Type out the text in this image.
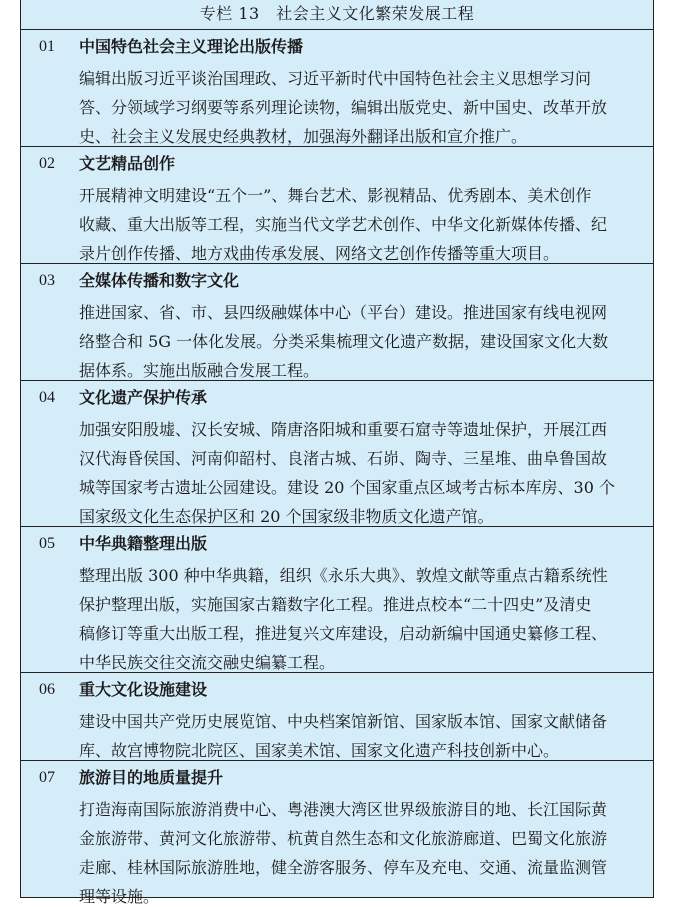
专栏 13　社会主义文化繁荣发展工程
01 中国特色社会主义理论出版传播
编辑出版习近平谈治国理政、习近平新时代中国特色社会主义思想学习问
答、分领域学习纲要等系列理论读物，编辑出版党史、新中国史、改革开放
史、社会主义发展史经典教材，加强海外翻译出版和宣介推广。
02 文艺精品创作
开展精神文明建设“五个一”、舞台艺术、影视精品、优秀剧本、美术创作
收藏、重大出版等工程，实施当代文学艺术创作、中华文化新媒体传播、纪
录片创作传播、地方戏曲传承发展、网络文艺创作传播等重大项目。
03 全媒体传播和数字文化
推进国家、省、市、县四级融媒体中心（平台）建设。推进国家有线电视网
络整合和 5G 一体化发展。分类采集梳理文化遗产数据，建设国家文化大数
据体系。实施出版融合发展工程。
04 文化遗产保护传承
加强安阳殷墟、汉长安城、隋唐洛阳城和重要石窟寺等遗址保护，开展江西
汉代海昏侯国、河南仰韶村、良渚古城、石峁、陶寺、三星堆、曲阜鲁国故
城等国家考古遗址公园建设。建设 20 个国家重点区域考古标本库房、30 个
国家级文化生态保护区和 20 个国家级非物质文化遗产馆。
05 中华典籍整理出版
整理出版 300 种中华典籍，组织《永乐大典》、敦煌文献等重点古籍系统性
保护整理出版，实施国家古籍数字化工程。推进点校本“二十四史”及清史
稿修订等重大出版工程，推进复兴文库建设，启动新编中国通史纂修工程、
中华民族交往交流交融史编纂工程。
06 重大文化设施建设
建设中国共产党历史展览馆、中央档案馆新馆、国家版本馆、国家文献储备
库、故宫博物院北院区、国家美术馆、国家文化遗产科技创新中心。
07 旅游目的地质量提升
打造海南国际旅游消费中心、粤港澳大湾区世界级旅游目的地、长江国际黄
金旅游带、黄河文化旅游带、杭黄自然生态和文化旅游廊道、巴蜀文化旅游
走廊、桂林国际旅游胜地，健全游客服务、停车及充电、交通、流量监测管
理等设施。
